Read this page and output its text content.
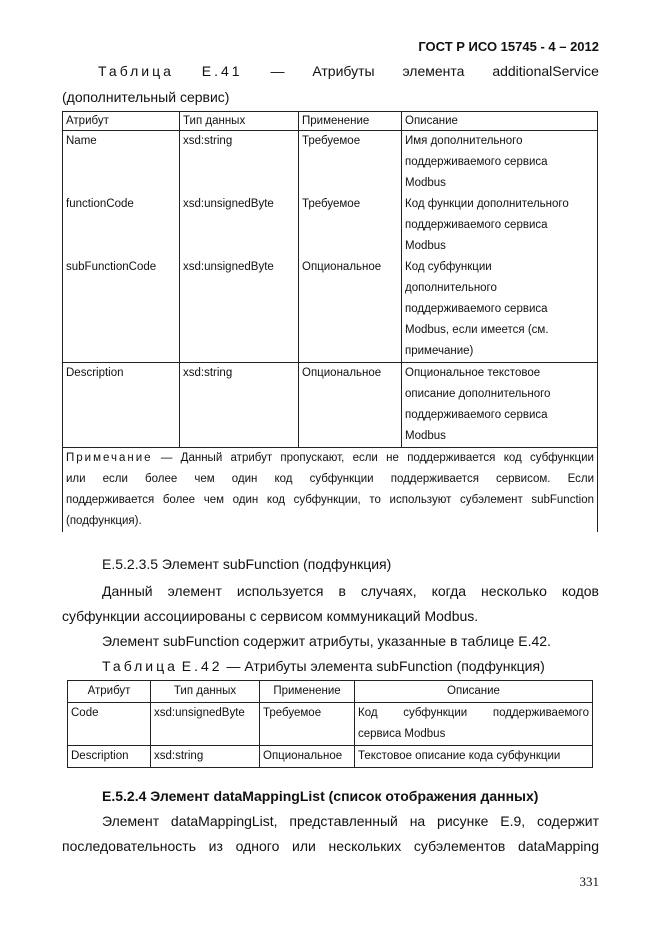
ГОСТ Р ИСО 15745 - 4 – 2012
Таблица Е.41 — Атрибуты элемента additionalService
(дополнительный сервис)
Атрибут	Тип данных	Применение	Описание
Name	xsd:string	Требуемое	Имя дополнительного
поддерживаемого сервиса
Modbus

functionCode	xsd:unsignedByte	Требуемое	Код функции дополнительного
поддерживаемого сервиса
Modbus

subFunctionCode	xsd:unsignedByte	Опциональное	Код субфункции
дополнительного
поддерживаемого сервиса
Modbus, если имеется (см.
примечание)

Description	xsd:string	Опциональное	Опциональное текстовое
описание дополнительного
поддерживаемого сервиса
Modbus

Примечание — Данный атрибут пропускают, если не поддерживается код субфункции
или если более чем один код субфункции поддерживается сервисом. Если
поддерживается более чем один код субфункции, то используют субэлемент subFunction
(подфункция).			
Е.5.2.3.5 Элемент subFunction (подфункция)
Данный элемент используется в случаях, когда несколько кодов
субфункции ассоциированы с сервисом коммуникаций Modbus.
Элемент subFunction содержит атрибуты, указанные в таблице Е.42.
Таблица Е.42 — Атрибуты элемента subFunction (подфункция)
Атрибут	Тип данных	Применение	Описание
Code	xsd:unsignedByte	Требуемое	Код субфункции поддерживаемого
сервиса Modbus

Description	xsd:string	Опциональное	Текстовое описание кода субфункции
Е.5.2.4 Элемент dataMappingList (список отображения данных)
Элемент dataMappingList, представленный на рисунке Е.9, содержит
последовательность из одного или нескольких субэлементов dataMapping
331
